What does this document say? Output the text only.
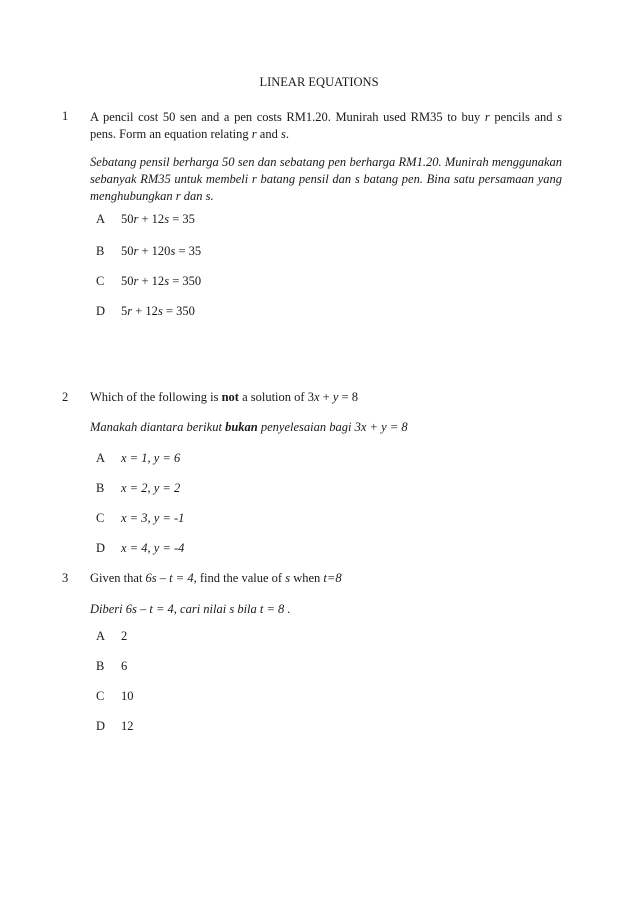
LINEAR EQUATIONS
1 A pencil cost 50 sen and a pen costs RM1.20. Munirah used RM35 to buy r pencils and s pens. Form an equation relating r and s.
Sebatang pensil berharga 50 sen dan sebatang pen berharga RM1.20. Munirah menggunakan sebanyak RM35 untuk membeli r batang pensil dan s batang pen. Bina satu persamaan yang menghubungkan r dan s.
A 50r + 12s = 35
B 50r + 120s = 35
C 50r + 12s = 350
D 5r + 12s = 350
2 Which of the following is not a solution of 3x + y = 8
Manakah diantara berikut bukan penyelesaian bagi 3x + y = 8
A x = 1, y = 6
B x = 2, y = 2
C x = 3, y = -1
D x = 4, y = -4
3 Given that 6s – t = 4, find the value of s when t=8
Diberi 6s – t = 4, cari nilai s bila t = 8 .
A 2
B 6
C 10
D 12
